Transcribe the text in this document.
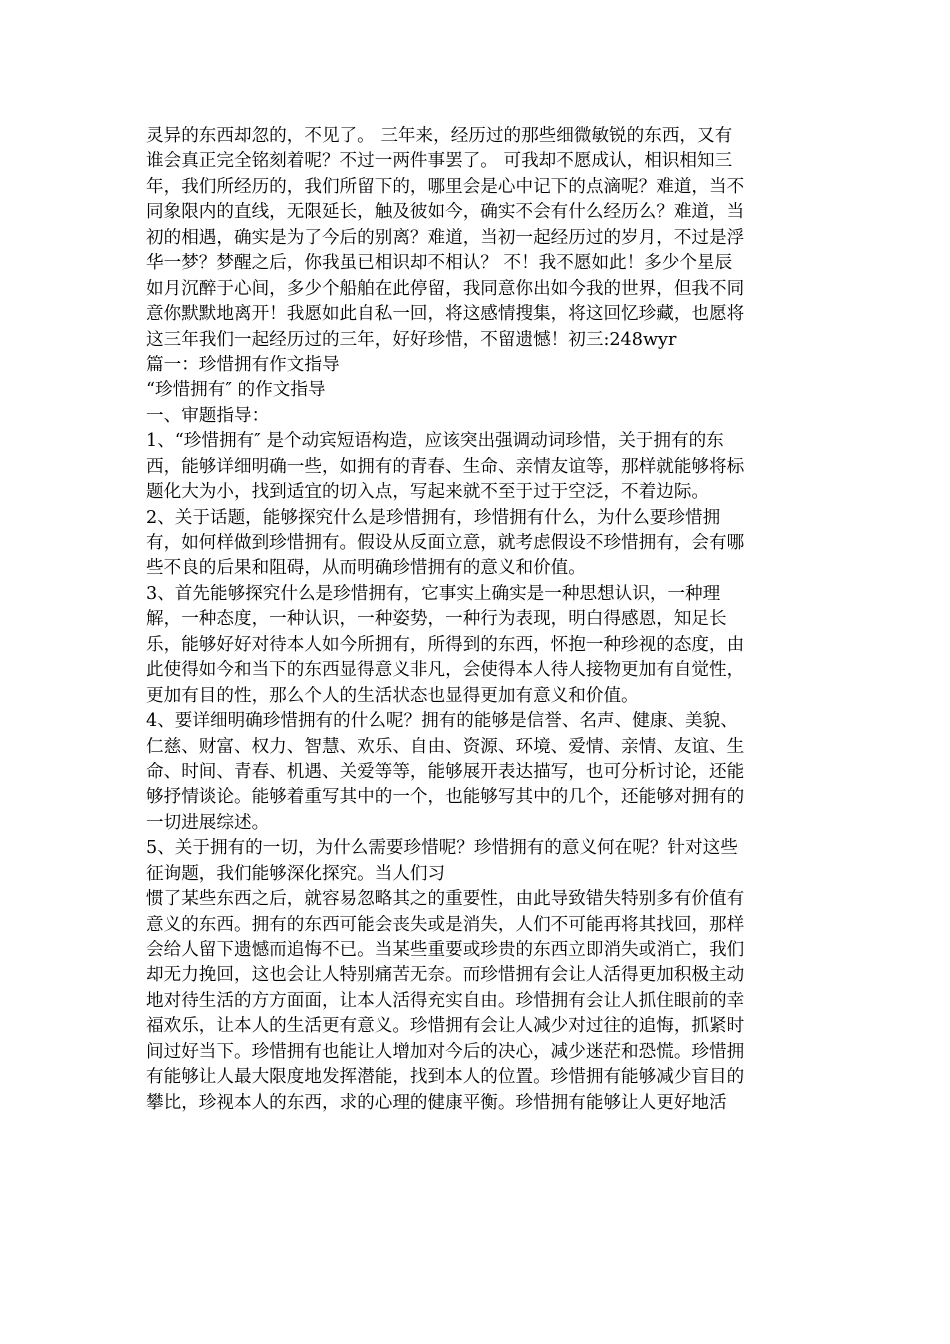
灵异的东西却忽的，不见了。 三年来，经历过的那些细微敏锐的东西，又有
谁会真正完全铭刻着呢？不过一两件事罢了。 可我却不愿成认，相识相知三
年，我们所经历的，我们所留下的，哪里会是心中记下的点滴呢？难道，当不
同象限内的直线，无限延长，触及彼如今，确实不会有什么经历么？难道，当
初的相遇，确实是为了今后的别离？难道，当初一起经历过的岁月，不过是浮
华一梦？梦醒之后，你我虽已相识却不相认？ 不！我不愿如此！多少个星辰
如月沉醉于心间，多少个船舶在此停留，我同意你出如今我的世界，但我不同
意你默默地离开！我愿如此自私一回，将这感情搜集，将这回忆珍藏，也愿将
这三年我们一起经历过的三年，好好珍惜，不留遗憾！初三:248wyr
篇一：珍惜拥有作文指导
“珍惜拥有″ 的作文指导
一、审题指导：
1、“珍惜拥有″ 是个动宾短语构造，应该突出强调动词珍惜，关于拥有的东
西，能够详细明确一些，如拥有的青春、生命、亲情友谊等，那样就能够将标
题化大为小，找到适宜的切入点，写起来就不至于过于空泛，不着边际。
2、关于话题，能够探究什么是珍惜拥有，珍惜拥有什么，为什么要珍惜拥
有，如何样做到珍惜拥有。假设从反面立意，就考虑假设不珍惜拥有，会有哪
些不良的后果和阻碍，从而明确珍惜拥有的意义和价值。
3、首先能够探究什么是珍惜拥有，它事实上确实是一种思想认识，一种理
解，一种态度，一种认识，一种姿势，一种行为表现，明白得感恩，知足长
乐，能够好好对待本人如今所拥有，所得到的东西，怀抱一种珍视的态度，由
此使得如今和当下的东西显得意义非凡，会使得本人待人接物更加有自觉性，
更加有目的性，那么个人的生活状态也显得更加有意义和价值。
4、要详细明确珍惜拥有的什么呢？拥有的能够是信誉、名声、健康、美貌、
仁慈、财富、权力、智慧、欢乐、自由、资源、环境、爱情、亲情、友谊、生
命、时间、青春、机遇、关爱等等，能够展开表达描写，也可分析讨论，还能
够抒情谈论。能够着重写其中的一个，也能够写其中的几个，还能够对拥有的
一切进展综述。
5、关于拥有的一切，为什么需要珍惜呢？珍惜拥有的意义何在呢？针对这些
征询题，我们能够深化探究。当人们习
惯了某些东西之后，就容易忽略其之的重要性，由此导致错失特别多有价值有
意义的东西。拥有的东西可能会丧失或是消失，人们不可能再将其找回，那样
会给人留下遗憾而追悔不已。当某些重要或珍贵的东西立即消失或消亡，我们
却无力挽回，这也会让人特别痛苦无奈。而珍惜拥有会让人活得更加积极主动
地对待生活的方方面面，让本人活得充实自由。珍惜拥有会让人抓住眼前的幸
福欢乐，让本人的生活更有意义。珍惜拥有会让人减少对过往的追悔，抓紧时
间过好当下。珍惜拥有也能让人增加对今后的决心，减少迷茫和恐慌。珍惜拥
有能够让人最大限度地发挥潜能，找到本人的位置。珍惜拥有能够减少盲目的
攀比，珍视本人的东西，求的心理的健康平衡。珍惜拥有能够让人更好地活
